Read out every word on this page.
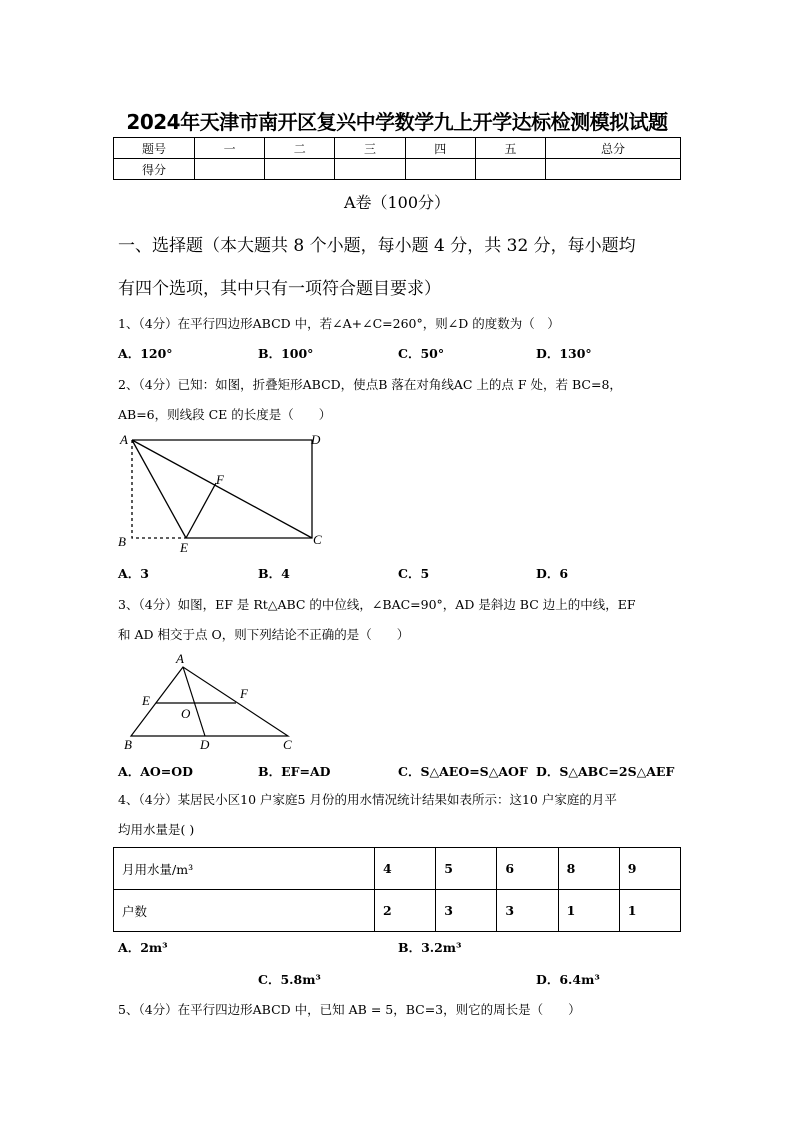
2024年天津市南开区复兴中学数学九上开学达标检测模拟试题
题号	一	二	三	四	五	总分
得分						
A卷（100分）
一、选择题（本大题共 8 个小题，每小题 4 分，共 32 分，每小题均
有四个选项，其中只有一项符合题目要求）
1、（4分）在平行四边形ABCD 中，若∠A+∠C=260°，则∠D 的度数为（　）
A．120°	B．100°	C．50°	D．130°
2、（4分）已知：如图，折叠矩形ABCD，使点B 落在对角线AC 上的点 F 处，若 BC=8，
AB=6，则线段 CE 的长度是（　　）
A	D
F
B	E
C
A．3	B．4	C．5	D．6
3、（4分）如图，EF 是 Rt△ABC 的中位线，∠BAC=90°，AD 是斜边 BC 边上的中线，EF
和 AD 相交于点 O，则下列结论不正确的是（　　）
A
E	F
O
B	D	C
A．AO=OD	B．EF=AD	C．S△AEO=S△AOF D．S△ABC=2S△AEF
4、（4分）某居民小区10 户家庭5 月份的用水情况统计结果如表所示：这10 户家庭的月平
均用水量是( )
月用水量/m³	4	5	6	8	9
户数	2	3	3	1	1
A．2m³	B．3.2m³
C．5.8m³	D．6.4m³
5、（4分）在平行四边形ABCD 中，已知 AB = 5，BC=3，则它的周长是（　　）
